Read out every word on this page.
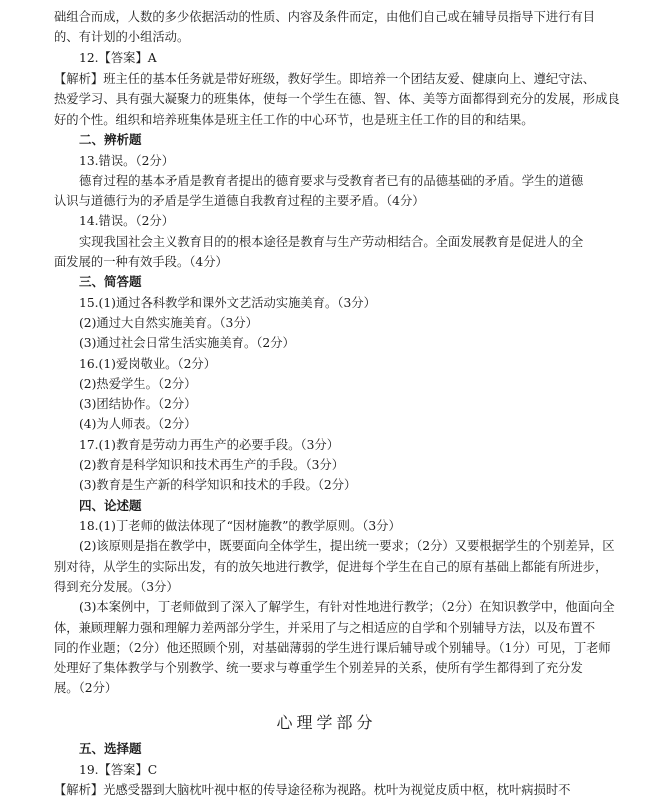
础组合而成，人数的多少依据活动的性质、内容及条件而定，由他们自己或在辅导员指导下进行有目
的、有计划的小组活动。
12.【答案】A
【解析】班主任的基本任务就是带好班级，教好学生。即培养一个团结友爱、健康向上、遵纪守法、
热爱学习、具有强大凝聚力的班集体，使每一个学生在德、智、体、美等方面都得到充分的发展，形成良
好的个性。组织和培养班集体是班主任工作的中心环节，也是班主任工作的目的和结果。
二、辨析题
13.错误。（2分）
德育过程的基本矛盾是教育者提出的德育要求与受教育者已有的品德基础的矛盾。学生的道德
认识与道德行为的矛盾是学生道德自我教育过程的主要矛盾。（4分）
14.错误。（2分）
实现我国社会主义教育目的的根本途径是教育与生产劳动相结合。全面发展教育是促进人的全
面发展的一种有效手段。（4分）
三、简答题
15.(1)通过各科教学和课外文艺活动实施美育。（3分）
(2)通过大自然实施美育。（3分）
(3)通过社会日常生活实施美育。（2分）
16.(1)爱岗敬业。（2分）
(2)热爱学生。（2分）
(3)团结协作。（2分）
(4)为人师表。（2分）
17.(1)教育是劳动力再生产的必要手段。（3分）
(2)教育是科学知识和技术再生产的手段。（3分）
(3)教育是生产新的科学知识和技术的手段。（2分）
四、论述题
18.(1)丁老师的做法体现了“因材施教”的教学原则。（3分）
(2)该原则是指在教学中，既要面向全体学生，提出统一要求；（2分）又要根据学生的个别差异，区
别对待，从学生的实际出发，有的放矢地进行教学，促进每个学生在自己的原有基础上都能有所进步，
得到充分发展。（3分）
(3)本案例中，丁老师做到了深入了解学生，有针对性地进行教学；（2分）在知识教学中，他面向全
体，兼顾理解力强和理解力差两部分学生，并采用了与之相适应的自学和个别辅导方法，以及布置不
同的作业题；（2分）他还照顾个别，对基础薄弱的学生进行课后辅导或个别辅导。（1分）可见，丁老师
处理好了集体教学与个别教学、统一要求与尊重学生个别差异的关系，使所有学生都得到了充分发
展。（2分）
心理学部分
五、选择题
19.【答案】C
【解析】光感受器到大脑枕叶视中枢的传导途径称为视路。枕叶为视觉皮质中枢，枕叶病损时不
